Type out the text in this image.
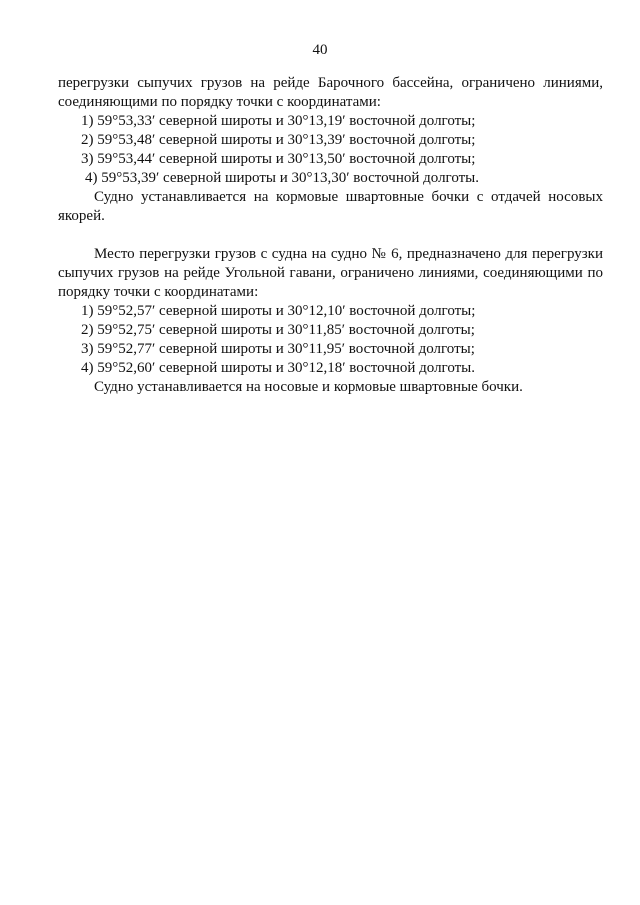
40

перегрузки сыпучих грузов на рейде Барочного бассейна, ограничено линиями, соединяющими по порядку точки с координатами:

1) 59°53,33′ северной широты и 30°13,19′ восточной долготы;

2) 59°53,48′ северной широты и 30°13,39′ восточной долготы;

3) 59°53,44′ северной широты и 30°13,50′ восточной долготы;

4) 59°53,39′ северной широты и 30°13,30′ восточной долготы.

Судно устанавливается на кормовые швартовные бочки с отдачей носовых якорей.

Место перегрузки грузов с судна на судно № 6, предназначено для перегрузки сыпучих грузов на рейде Угольной гавани, ограничено линиями, соединяющими по порядку точки с координатами:

1) 59°52,57′ северной широты и 30°12,10′ восточной долготы;

2) 59°52,75′ северной широты и 30°11,85′ восточной долготы;

3) 59°52,77′ северной широты и 30°11,95′ восточной долготы;

4) 59°52,60′ северной широты и 30°12,18′ восточной долготы.

Судно устанавливается на носовые и кормовые швартовные бочки.
